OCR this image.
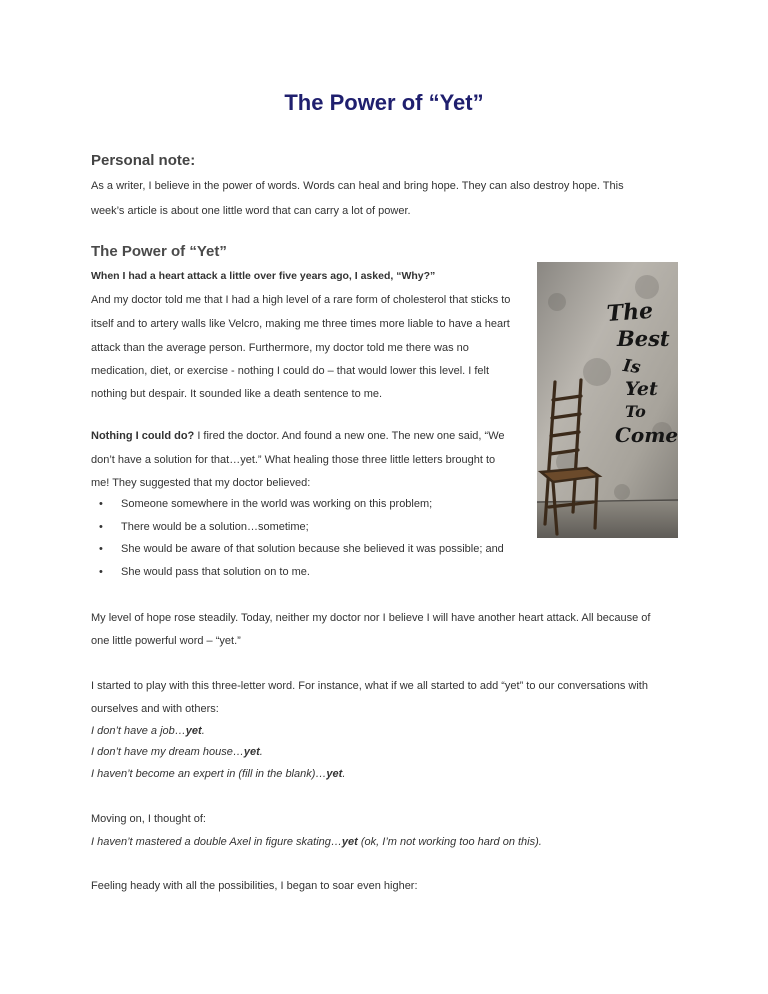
The Power of “Yet”
Personal note:

As a writer, I believe in the power of words. Words can heal and bring hope. They can also destroy hope. This

week’s article is about one little word that can carry a lot of power.

The Power of “Yet”

When I had a heart attack a little over five years ago, I asked, “Why?”

And my doctor told me that I had a high level of a rare form of cholesterol that sticks to

itself and to artery walls like Velcro, making me three times more liable to have a heart

attack than the average person. Furthermore, my doctor told me there was no

medication, diet, or exercise - nothing I could do – that would lower this level. I felt

nothing but despair. It sounded like a death sentence to me.

Nothing I could do? I fired the doctor. And found a new one. The new one said, “We

don’t have a solution for that…yet.” What healing those three little letters brought to

me! They suggested that my doctor believed:

• Someone somewhere in the world was working on this problem;
• There would be a solution…sometime;
• She would be aware of that solution because she believed it was possible; and
• She would pass that solution on to me.

My level of hope rose steadily. Today, neither my doctor nor I believe I will have another heart attack. All because of

one little powerful word – “yet.”

I started to play with this three-letter word. For instance, what if we all started to add “yet” to our conversations with

ourselves and with others:

I don’t have a job…yet.

I don’t have my dream house…yet.

I haven’t become an expert in (fill in the blank)…yet.

Moving on, I thought of:

I haven’t mastered a double Axel in figure skating…yet (ok, I’m not working too hard on this).

Feeling heady with all the possibilities, I began to soar even higher:

The
Best
Is
Yet
To
Come
